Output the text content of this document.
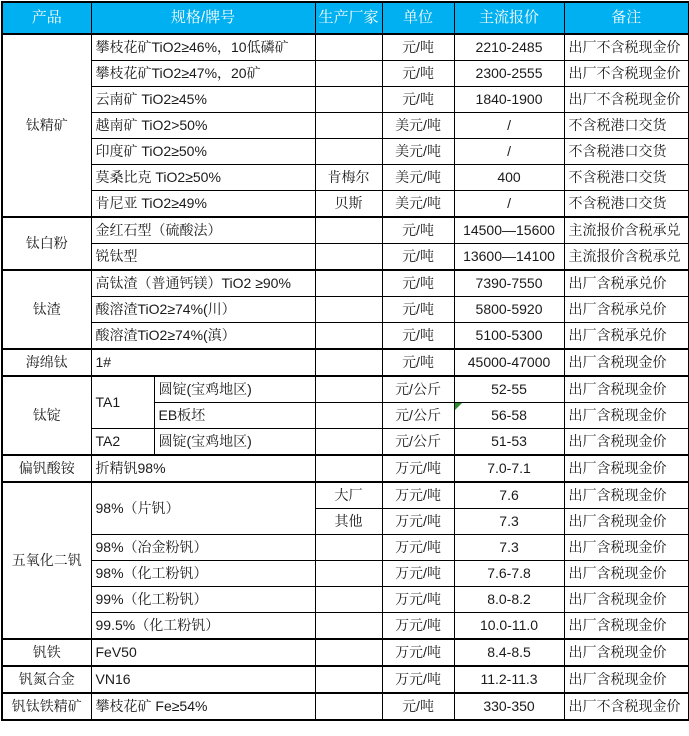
产品	规格/牌号		生产厂家	单位	主流报价	备注
钛精矿	攀枝花矿TiO2≥46%，10低磷矿			元/吨	2210-2485	出厂不含税现金价
	攀枝花矿TiO2≥47%，20矿			元/吨	2300-2555	出厂不含税现金价
	云南矿 TiO2≥45%			元/吨	1840-1900	出厂不含税现金价
	越南矿 TiO2>50%			美元/吨	/	不含税港口交货
	印度矿 TiO2≥50%			美元/吨	/	不含税港口交货
	莫桑比克 TiO2≥50%		肯梅尔	美元/吨	400	不含税港口交货
	肯尼亚 TiO2≥49%		贝斯	美元/吨	/	不含税港口交货
钛白粉	金红石型（硫酸法）			元/吨	14500—15600	主流报价含税承兑
	锐钛型			元/吨	13600—14100	主流报价含税承兑
钛渣	高钛渣（普通钙镁）TiO2 ≥90%			元/吨	7390-7550	出厂含税承兑价
	酸溶渣TiO2≥74%(川）			元/吨	5800-5920	出厂含税承兑价
	酸溶渣TiO2≥74%(滇）			元/吨	5100-5300	出厂含税承兑价
海绵钛	1#			元/吨	45000-47000	出厂含税现金价
钛锭	TA1	圆锭(宝鸡地区)		元/公斤	52-55	出厂含税现金价
		EB板坯		元/公斤	56-58	出厂含税现金价
	TA2	圆锭(宝鸡地区)		元/公斤	51-53	出厂含税现金价
偏钒酸铵	折精钒98%			万元/吨	7.0-7.1	出厂含税现金价
五氧化二钒	98%（片钒）		大厂	万元/吨	7.6	出厂含税现金价
			其他	万元/吨	7.3	出厂含税现金价
	98%（冶金粉钒）			万元/吨	7.3	出厂含税现金价
	98%（化工粉钒）			万元/吨	7.6-7.8	出厂含税现金价
	99%（化工粉钒）			万元/吨	8.0-8.2	出厂含税现金价
	99.5%（化工粉钒）			万元/吨	10.0-11.0	出厂含税现金价
钒铁	FeV50			万元/吨	8.4-8.5	出厂含税现金价
钒氮合金	VN16			万元/吨	11.2-11.3	出厂含税现金价
钒钛铁精矿	攀枝花矿 Fe≥54%			元/吨	330-350	出厂不含税现金价
